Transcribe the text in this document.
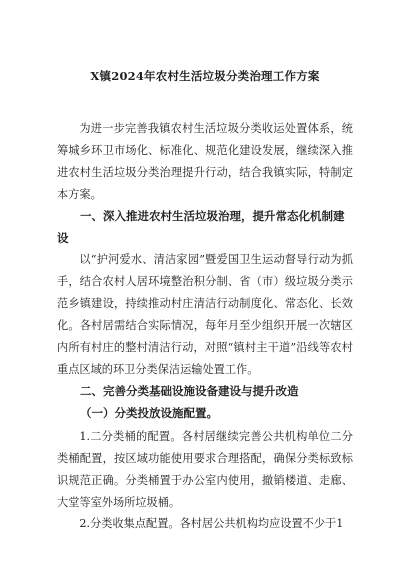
X镇2024年农村生活垃圾分类治理工作方案

为进一步完善我镇农村生活垃圾分类收运处置体系，统筹城乡环卫市场化、标准化、规范化建设发展，继续深入推进农村生活垃圾分类治理提升行动，结合我镇实际，特制定本方案。

一、深入推进农村生活垃圾治理，提升常态化机制建设

以“护河爱水、清洁家园”暨爱国卫生运动督导行动为抓手，结合农村人居环境整治积分制、省（市）级垃圾分类示范乡镇建设，持续推动村庄清洁行动制度化、常态化、长效化。各村居需结合实际情况，每年月至少组织开展一次辖区内所有村庄的整村清洁行动，对照“镇村主干道”沿线等农村重点区域的环卫分类保洁运输处置工作。

二、完善分类基础设施设备建设与提升改造

（一）分类投放设施配置。

1.二分类桶的配置。各村居继续完善公共机构单位二分类桶配置，按区域功能使用要求合理搭配，确保分类标致标识规范正确。分类桶置于办公室内使用，撤销楼道、走廊、大堂等室外场所垃圾桶。

2.分类收集点配置。各村居公共机构均应设置不少于1
